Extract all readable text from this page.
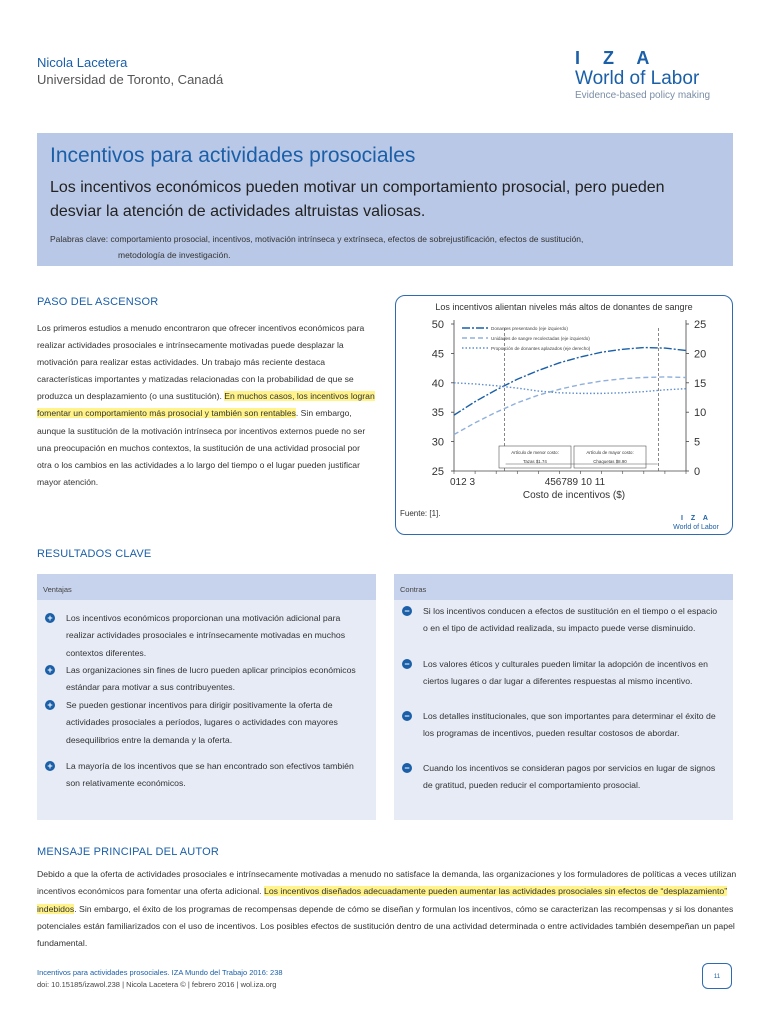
Nicola Lacetera
Universidad de Toronto, Canadá
I Z A
World of Labor
Evidence-based policy making
Incentivos para actividades prosociales
Los incentivos económicos pueden motivar un comportamiento prosocial, pero pueden desviar la atención de actividades altruistas valiosas.
Palabras clave: comportamiento prosocial, incentivos, motivación intrínseca y extrínseca, efectos de sobrejustificación, efectos de sustitución,
metodología de investigación.
PASO DEL ASCENSOR
Los primeros estudios a menudo encontraron que ofrecer incentivos económicos para realizar actividades prosociales e intrínsecamente motivadas puede desplazar la motivación para realizar estas actividades. Un trabajo más reciente destaca características importantes y matizadas relacionadas con la probabilidad de que se produzca un desplazamiento (o una sustitución). En muchos casos, los incentivos logran fomentar un comportamiento más prosocial y también son rentables. Sin embargo, aunque la sustitución de la motivación intrínseca por incentivos externos puede no ser una preocupación en muchos contextos, la sustitución de una actividad prosocial por otra o los cambios en las actividades a lo largo del tiempo o el lugar pueden justificar mayor atención.
Los incentivos alientan niveles más altos de donantes de sangre
25
30
35
40
45
50
0
5
10
15
20
25
012 3	456789 10 11
Costo de incentivos ($)
Donantes presentando (eje izquierdo)
Unidades de sangre recolectadas (eje izquierdo)
Proporción de donantes aplazados (eje derecho)
Artículo de menor costo:
Tazas $1.74
Artículo de mayor costo:
Chaquetas $8.90
Fuente: [1].
I Z A
World of Labor
RESULTADOS CLAVE
Ventajas
+	Los incentivos económicos proporcionan una motivación adicional para realizar actividades prosociales e intrínsecamente motivadas en muchos contextos diferentes.
+	Las organizaciones sin fines de lucro pueden aplicar principios económicos estándar para motivar a sus contribuyentes.
+	Se pueden gestionar incentivos para dirigir positivamente la oferta de actividades prosociales a períodos, lugares o actividades con mayores desequilibrios entre la demanda y la oferta.
+	La mayoría de los incentivos que se han encontrado son efectivos también son relativamente económicos.
Contras
−	Si los incentivos conducen a efectos de sustitución en el tiempo o el espacio o en el tipo de actividad realizada, su impacto puede verse disminuido.
−	Los valores éticos y culturales pueden limitar la adopción de incentivos en ciertos lugares o dar lugar a diferentes respuestas al mismo incentivo.
−	Los detalles institucionales, que son importantes para determinar el éxito de los programas de incentivos, pueden resultar costosos de abordar.
−	Cuando los incentivos se consideran pagos por servicios en lugar de signos de gratitud, pueden reducir el comportamiento prosocial.
MENSAJE PRINCIPAL DEL AUTOR
Debido a que la oferta de actividades prosociales e intrínsecamente motivadas a menudo no satisface la demanda, las organizaciones y los formuladores de políticas a veces utilizan incentivos económicos para fomentar una oferta adicional. Los incentivos diseñados adecuadamente pueden aumentar las actividades prosociales sin efectos de “desplazamiento” indebidos. Sin embargo, el éxito de los programas de recompensas depende de cómo se diseñan y formulan los incentivos, cómo se caracterizan las recompensas y si los donantes potenciales están familiarizados con el uso de incentivos. Los posibles efectos de sustitución dentro de una actividad determinada o entre actividades también desempeñan un papel fundamental.
Incentivos para actividades prosociales. IZA Mundo del Trabajo 2016: 238
doi: 10.15185/izawol.238 | Nicola Lacetera © | febrero 2016 | wol.iza.org
11
